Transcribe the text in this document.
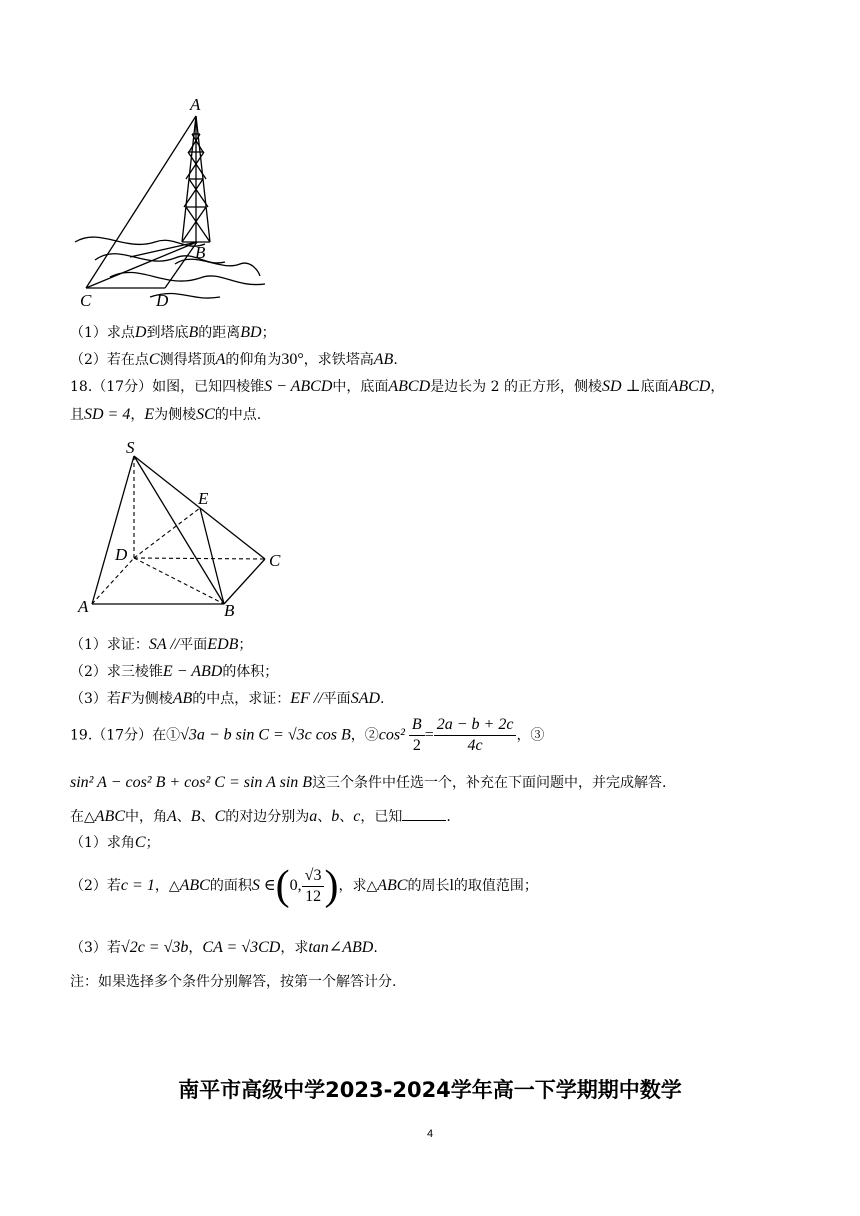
A
B
C	D
（1）求点D到塔底B的距离BD；
（2）若在点C测得塔顶A的仰角为30°，求铁塔高AB.
18.（17分）如图，已知四棱锥S − ABCD中，底面ABCD是边长为 2 的正方形，侧棱SD ⊥底面ABCD，
且SD = 4，E为侧棱SC的中点.
S
E
D	C
A	B
（1）求证：SA //平面EDB；
（2）求三棱锥E − ABD的体积；
（3）若F为侧棱AB的中点，求证：EF //平面SAD.
19.（17分）在①√3a − b sin C = √3c cos B，②cos² $\frac{B}{2} = \frac{2a - b + 2c}{4c}$ ，③
sin² A − cos² B + cos² C = sin A sin B这三个条件中任选一个，补充在下面问题中，并完成解答.
在△ABC中，角A、B、C的对边分别为a、b、c，已知	.
（1）求角C；
（2）若c = 1，△ABC的面积S ∈(0, $\frac{√3}{12}$ )，求△ABC的周长l的取值范围；
（3）若√2c = √3b，CA = √3CD，求tan∠ABD.
注：如果选择多个条件分别解答，按第一个解答计分.
南平市高级中学2023-2024学年高一下学期期中数学
4
